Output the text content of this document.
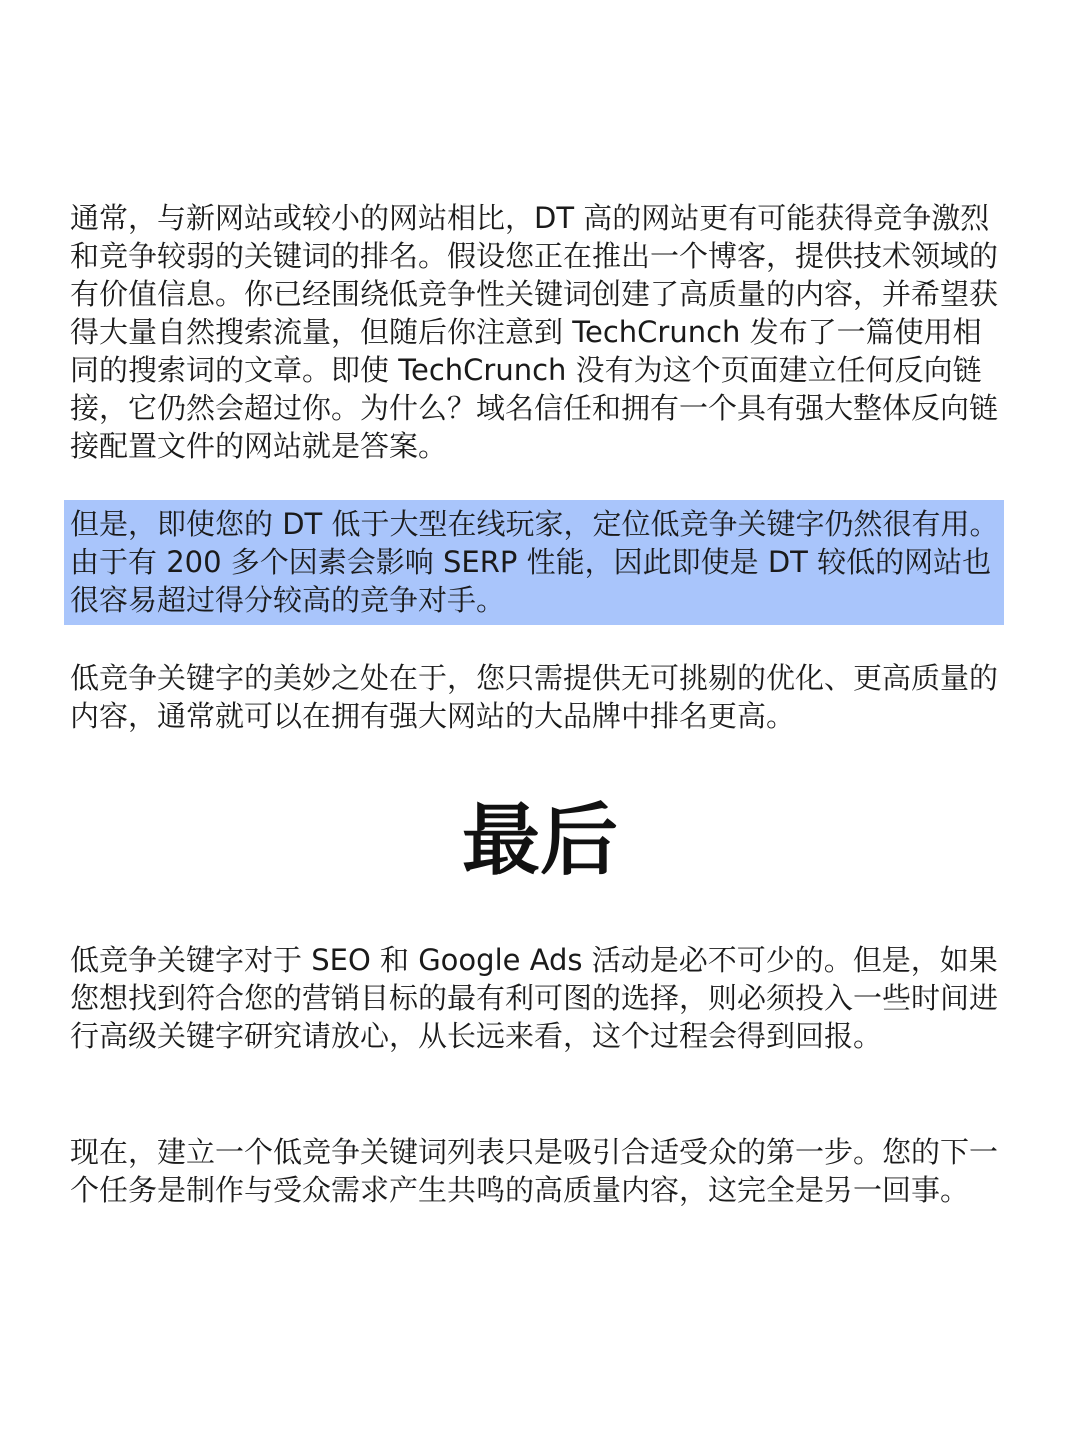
通常，与新网站或较小的网站相比，DT 高的网站更有可能获得竞争激烈和竞争较弱的关键词的排名。假设您正在推出一个博客，提供技术领域的有价值信息。你已经围绕低竞争性关键词创建了高质量的内容，并希望获得大量自然搜索流量，但随后你注意到 TechCrunch 发布了一篇使用相同的搜索词的文章。即使 TechCrunch 没有为这个页面建立任何反向链接，它仍然会超过你。为什么？域名信任和拥有一个具有强大整体反向链接配置文件的网站就是答案。

但是，即使您的 DT 低于大型在线玩家，定位低竞争关键字仍然很有用。由于有 200 多个因素会影响 SERP 性能，因此即使是 DT 较低的网站也很容易超过得分较高的竞争对手。

低竞争关键字的美妙之处在于，您只需提供无可挑剔的优化、更高质量的内容，通常就可以在拥有强大网站的大品牌中排名更高。

最后

低竞争关键字对于 SEO 和 Google Ads 活动是必不可少的。但是，如果您想找到符合您的营销目标的最有利可图的选择，则必须投入一些时间进行高级关键字研究请放心，从长远来看，这个过程会得到回报。

现在，建立一个低竞争关键词列表只是吸引合适受众的第一步。您的下一个任务是制作与受众需求产生共鸣的高质量内容，这完全是另一回事。
